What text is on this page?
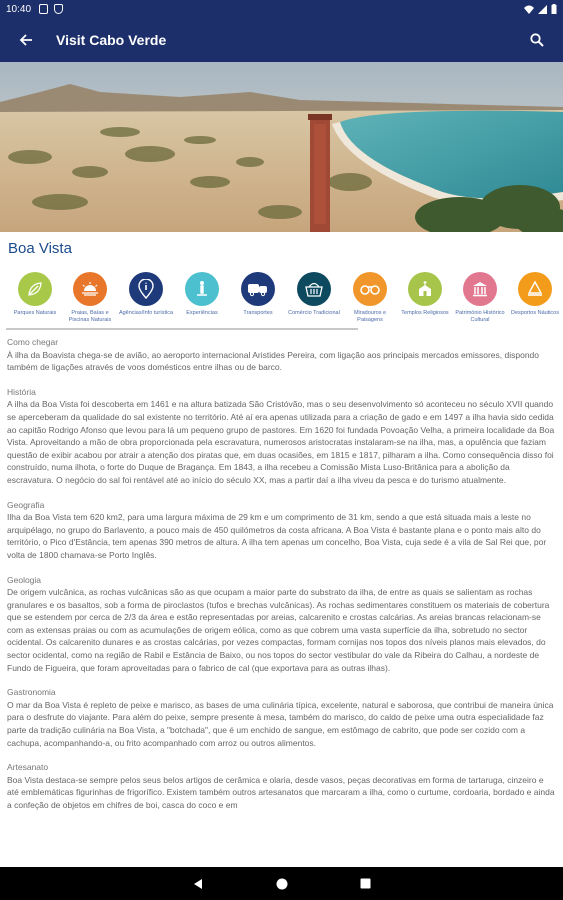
10:40
Visit Cabo Verde
Boa Vista
Parques Naturais	Praias, Baías e Piscinas Naturais
Agências/Info turística	Experiências	Transportes	Comércio Tradicional	Miradouros e Paisagens
Templos Religiosos	Património Histórico Cultural
Desportos Náuticos
Como chegar
À ilha da Boavista chega-se de avião, ao aeroporto internacional Aristides Pereira, com ligação aos principais mercados emissores, dispondo também de ligações através de voos domésticos entre ilhas ou de barco.
História
A ilha da Boa Vista foi descoberta em 1461 e na altura batizada São Cristóvão, mas o seu desenvolvimento só aconteceu no século XVII quando se aperceberam da qualidade do sal existente no território. Até aí era apenas utilizada para a criação de gado e em 1497 a ilha havia sido cedida ao capitão Rodrigo Afonso que levou para lá um pequeno grupo de pastores. Em 1620 foi fundada Povoação Velha, a primeira localidade da Boa Vista. Aproveitando a mão de obra proporcionada pela escravatura, numerosos aristocratas instalaram-se na ilha, mas, a opulência que faziam questão de exibir acabou por atrair a atenção dos piratas que, em duas ocasiões, em 1815 e 1817, pilharam a ilha. Como consequência disso foi construído, numa ilhota, o forte do Duque de Bragança. Em 1843, a ilha recebeu a Comissão Mista Luso-Britânica para a abolição da escravatura. O negócio do sal foi rentável até ao início do século XX, mas a partir daí a ilha viveu da pesca e do turismo atualmente.
Geografia
Ilha da Boa Vista tem 620 km2, para uma largura máxima de 29 km e um comprimento de 31 km, sendo a que está situada mais a leste no arquipélago, no grupo do Barlavento, a pouco mais de 450 quilómetros da costa africana. A Boa Vista é bastante plana e o ponto mais alto do território, o Pico d'Estância, tem apenas 390 metros de altura. A ilha tem apenas um concelho, Boa Vista, cuja sede é a vila de Sal Rei que, por volta de 1800 chamava-se Porto Inglês.
Geologia
De origem vulcânica, as rochas vulcânicas são as que ocupam a maior parte do substrato da ilha, de entre as quais se salientam as rochas granulares e os basaltos, sob a forma de piroclastos (tufos e brechas vulcânicas). As rochas sedimentares constituem os materiais de cobertura que se estendem por cerca de 2/3 da área e estão representadas por areias, calcarenito e crostas calcárias. As areias brancas relacionam-se com as extensas praias ou com as acumulações de origem eólica, como as que cobrem uma vasta superfície da ilha, sobretudo no sector ocidental. Os calcarenito dunares e as crostas calcárias, por vezes compactas, formam cornijas nos topos dos níveis planos mais elevados, do sector ocidental, como na região de Rabil e Estância de Baixo, ou nos topos do sector vestibular do vale da Ribeira do Calhau, a nordeste de Fundo de Figueira, que foram aproveitadas para o fabrico de cal (que exportava para as outras ilhas).
Gastronomia
O mar da Boa Vista é repleto de peixe e marisco, as bases de uma culinária típica, excelente, natural e saborosa, que contribui de maneira única para o desfrute do viajante. Para além do peixe, sempre presente à mesa, também do marisco, do caldo de peixe uma outra especialidade faz parte da tradição culinária na Boa Vista, a "botchada", que é um enchido de sangue, em estômago de cabrito, que pode ser cozido com a cachupa, acompanhando-a, ou frito acompanhado com arroz ou outros alimentos.
Artesanato
Boa Vista destaca-se sempre pelos seus belos artigos de cerâmica e olaria, desde vasos, peças decorativas em forma de tartaruga, cinzeiro e até emblemáticas figurinhas de frigorífico. Existem também outros artesanatos que marcaram a ilha, como o curtume, cordoaria, bordado e ainda a confeção de objetos em chifres de boi, casca do coco e em
